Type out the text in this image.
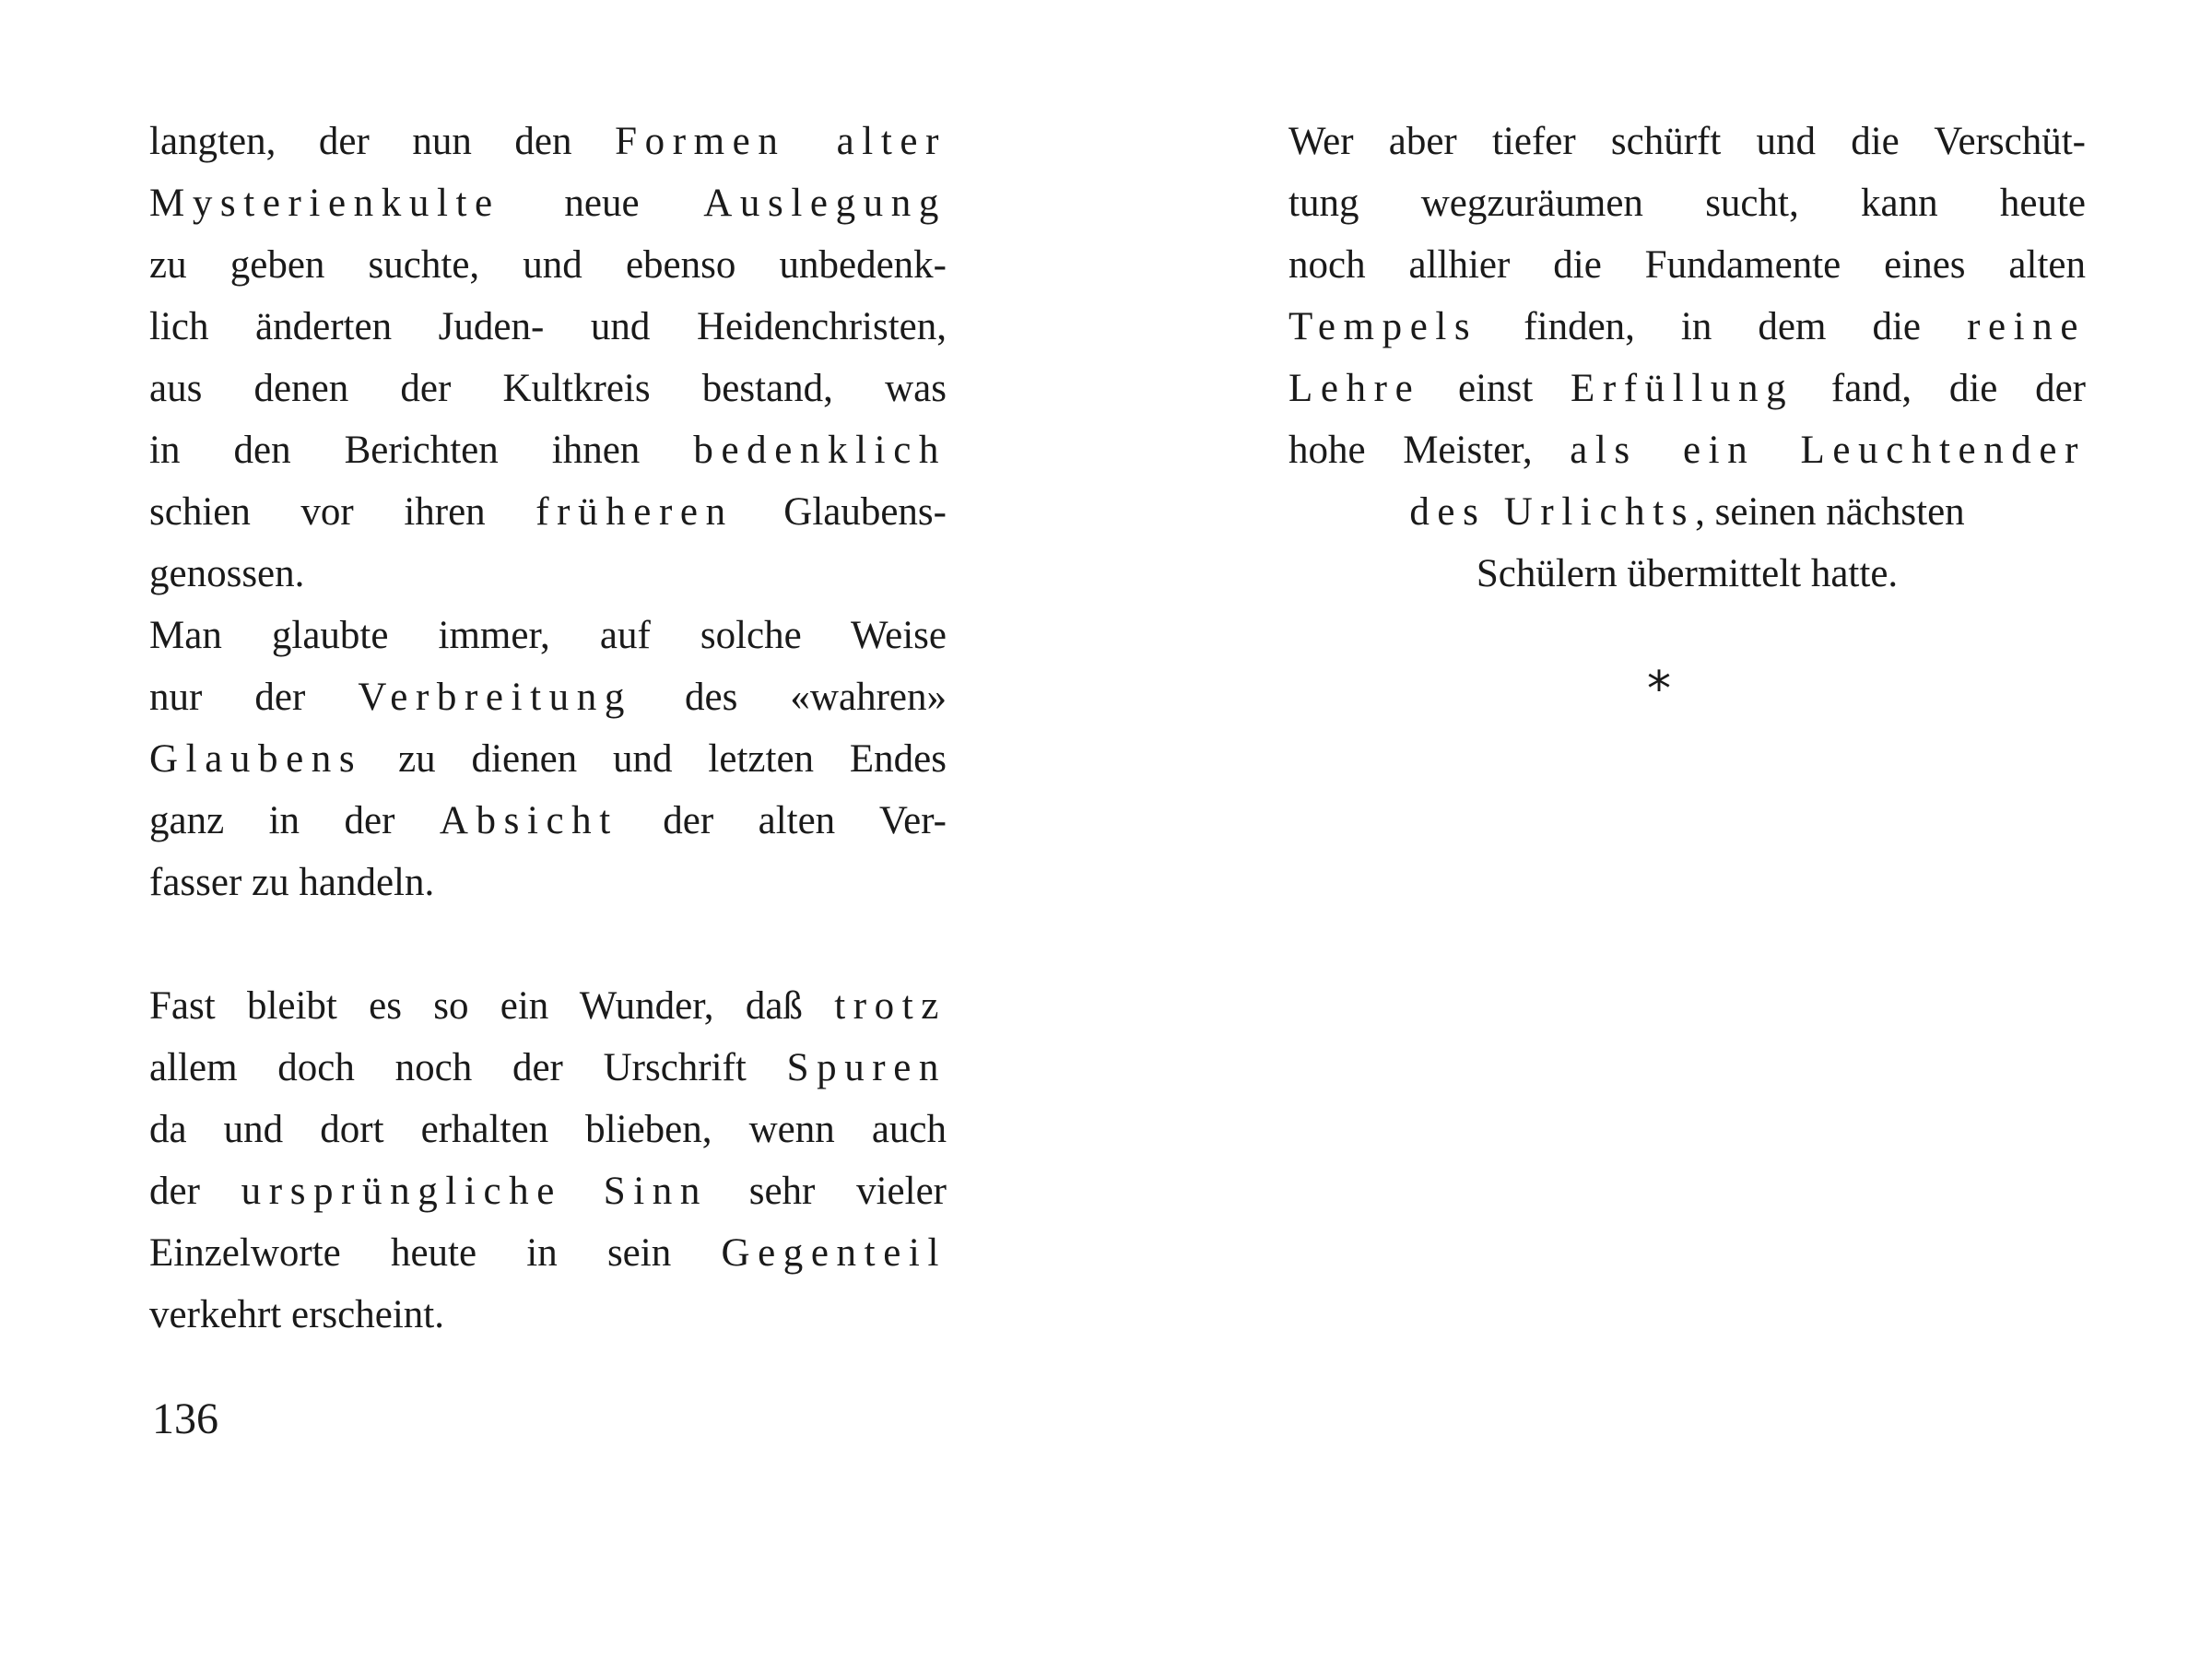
langten, der nun den Formen alter
Mysterienkulte neue Auslegung
zu geben suchte, und ebenso unbedenk-
lich änderten Juden- und Heidenchristen,
aus denen der Kultkreis bestand, was
in den Berichten ihnen bedenklich
schien vor ihren früheren Glaubens-
genossen.
Man glaubte immer, auf solche Weise
nur der Verbreitung des «wahren»
Glaubens zu dienen und letzten Endes
ganz in der Absicht der alten Ver-
fasser zu handeln.
Fast bleibt es so ein Wunder, daß trotz
allem doch noch der Urschrift Spuren
da und dort erhalten blieben, wenn auch
der ursprüngliche Sinn sehr vieler
Einzelworte heute in sein Gegenteil
verkehrt erscheint.
136
Wer aber tiefer schürft und die Verschüt-
tung wegzuräumen sucht, kann heute
noch allhier die Fundamente eines alten
Tempels finden, in dem die reine
Lehre einst Erfüllung fand, die der
hohe Meister, als ein Leuchtender
des Urlichts, seinen nächsten
Schülern übermittelt hatte.
*
